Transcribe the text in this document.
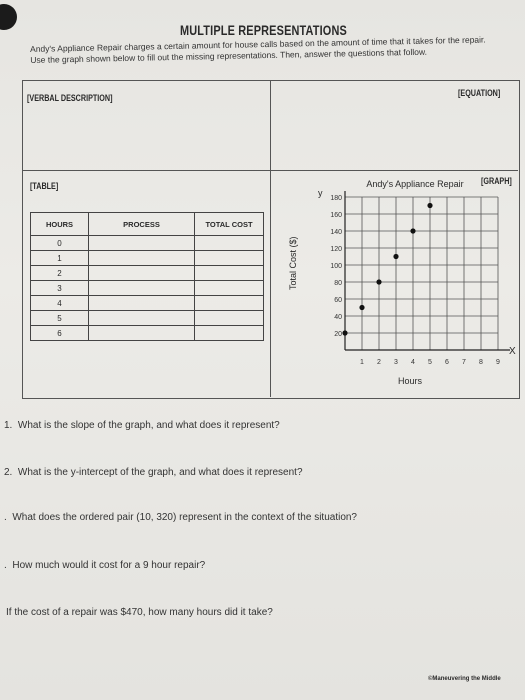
MULTIPLE REPRESENTATIONS
Andy's Appliance Repair charges a certain amount for house calls based on the amount of time that it takes for the repair. Use the graph shown below to fill out the missing representations. Then, answer the questions that follow.
[VERBAL DESCRIPTION]	[EQUATION]
[TABLE]	[GRAPH]
HOURS	PROCESS	TOTAL COST
0		
1		
2		
3		
4		
5		
6		
Andy's Appliance Repair
y
Total Cost ($)
X
Hours
20
40
60
80
100
120
140
160
180
1 2 3 4 5 6 7 8 9
1. What is the slope of the graph, and what does it represent?
2. What is the y-intercept of the graph, and what does it represent?
. What does the ordered pair (10, 320) represent in the context of the situation?
. How much would it cost for a 9 hour repair?
If the cost of a repair was $470, how many hours did it take?
©Maneuvering the Middle
